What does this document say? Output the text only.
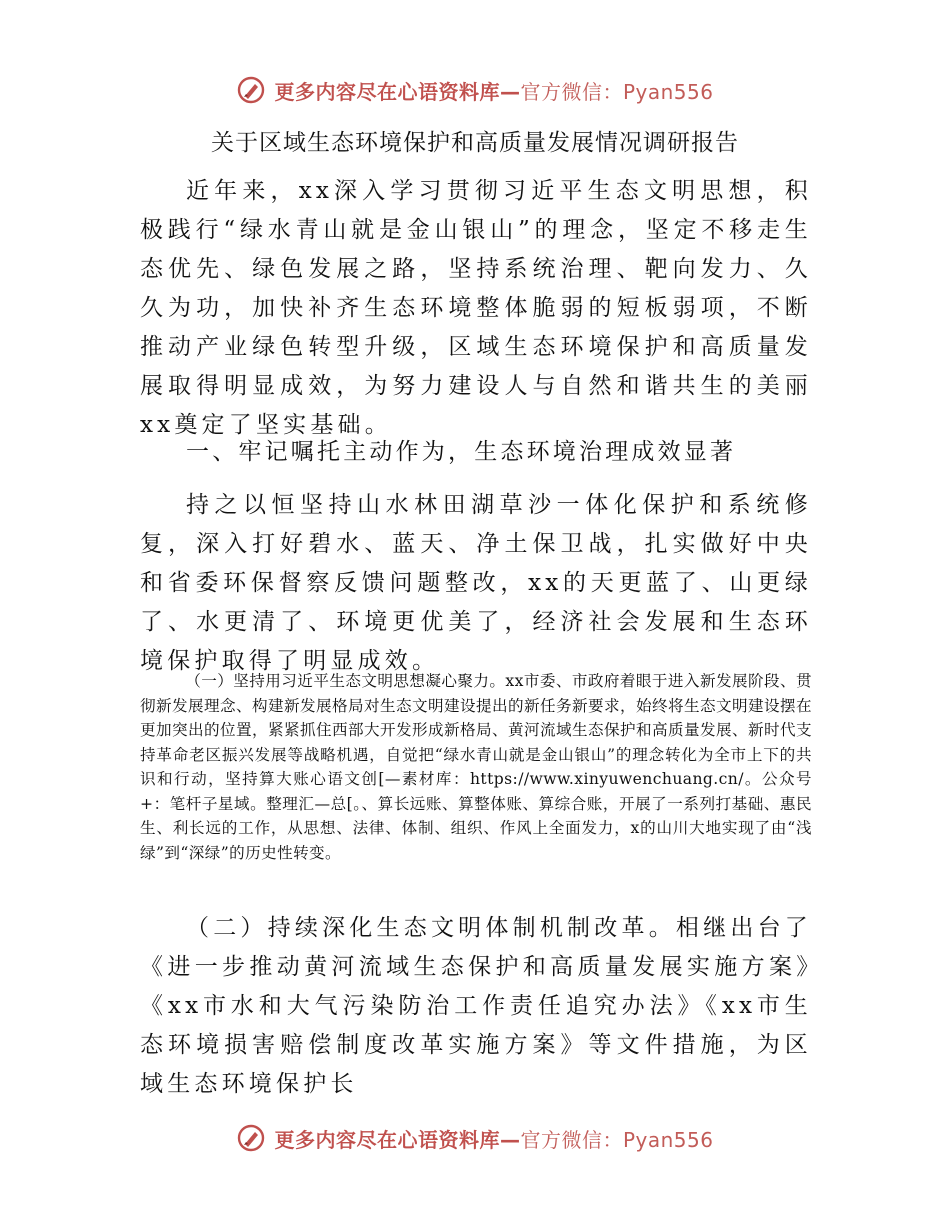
更多内容尽在心语资料库—官方微信：Pyan556
关于区域生态环境保护和高质量发展情况调研报告

近年来，xx深入学习贯彻习近平生态文明思想，积极践行“绿水青山就是金山银山”的理念，坚定不移走生态优先、绿色发展之路，坚持系统治理、靶向发力、久久为功，加快补齐生态环境整体脆弱的短板弱项，不断推动产业绿色转型升级，区域生态环境保护和高质量发展取得明显成效，为努力建设人与自然和谐共生的美丽xx奠定了坚实基础。

一、牢记嘱托主动作为，生态环境治理成效显著

持之以恒坚持山水林田湖草沙一体化保护和系统修复，深入打好碧水、蓝天、净土保卫战，扎实做好中央和省委环保督察反馈问题整改，xx的天更蓝了、山更绿了、水更清了、环境更优美了，经济社会发展和生态环境保护取得了明显成效。

（一）坚持用习近平生态文明思想凝心聚力。xx市委、市政府着眼于进入新发展阶段、贯彻新发展理念、构建新发展格局对生态文明建设提出的新任务新要求，始终将生态文明建设摆在更加突出的位置，紧紧抓住西部大开发形成新格局、黄河流域生态保护和高质量发展、新时代支持革命老区振兴发展等战略机遇，自觉把“绿水青山就是金山银山”的理念转化为全市上下的共识和行动，坚持算大账心语文创[—素材库：https://www.xinyuwenchuang.cn/。公众号+：笔杆子星域。整理汇—总[。、算长远账、算整体账、算综合账，开展了一系列打基础、惠民生、利长远的工作，从思想、法律、体制、组织、作风上全面发力，x的山川大地实现了由“浅绿”到“深绿”的历史性转变。

（二）持续深化生态文明体制机制改革。相继出台了《进一步推动黄河流域生态保护和高质量发展实施方案》《xx市水和大气污染防治工作责任追究办法》《xx市生态环境损害赔偿制度改革实施方案》等文件措施，为区域生态环境保护长

更多内容尽在心语资料库—官方微信：Pyan556
